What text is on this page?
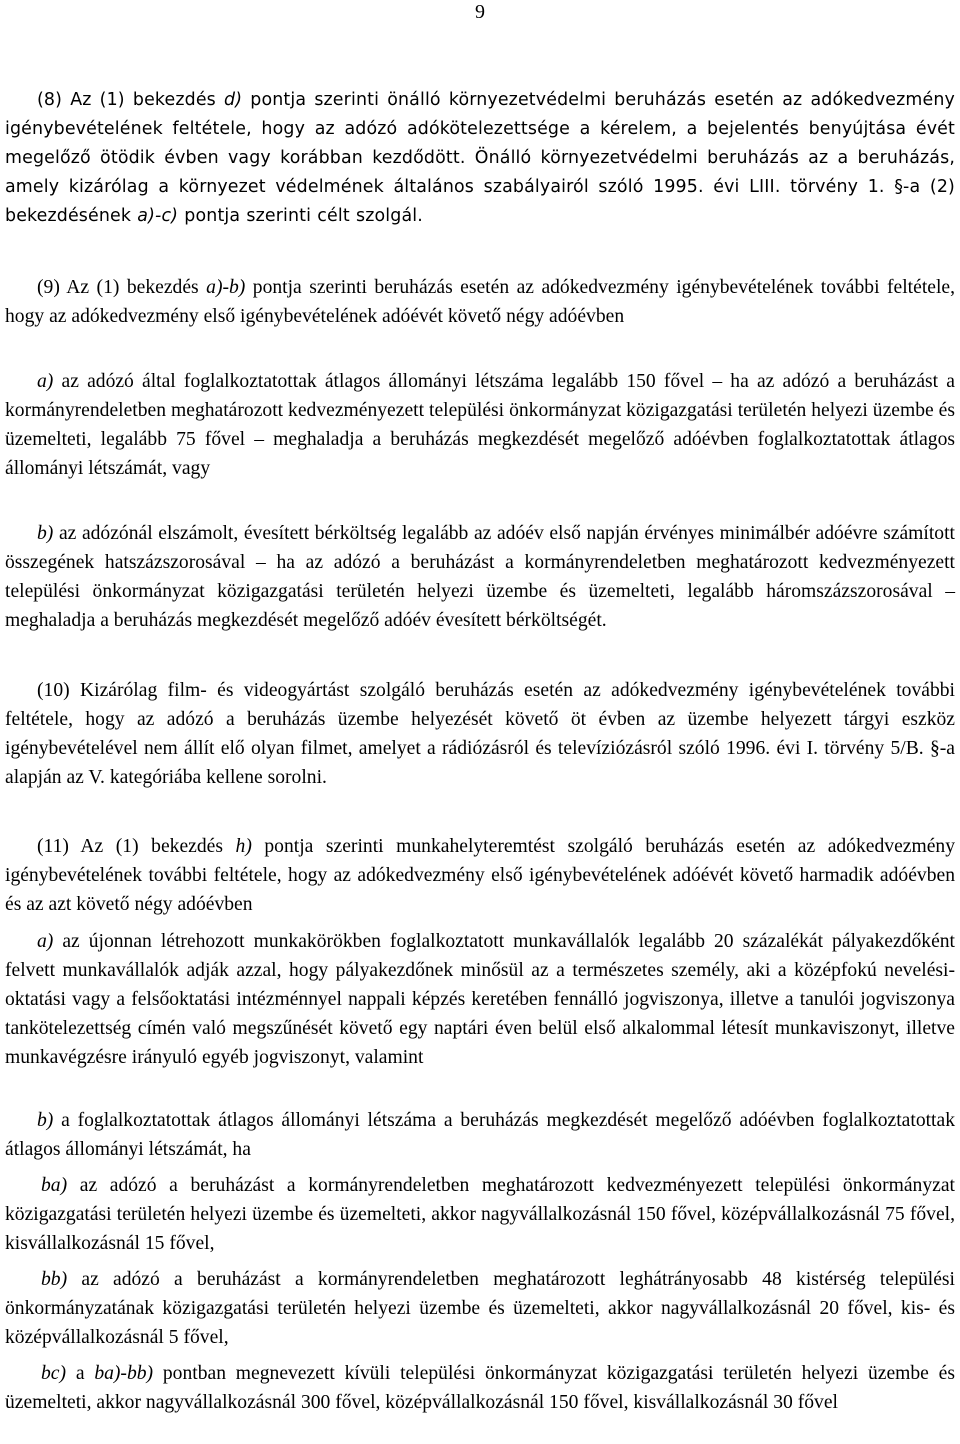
9

(8) Az (1) bekezdés d) pontja szerinti önálló környezetvédelmi beruházás esetén az adókedvezmény igénybevételének feltétele, hogy az adózó adókötelezettsége a kérelem, a bejelentés benyújtása évét megelőző ötödik évben vagy korábban kezdődött. Önálló környezetvédelmi beruházás az a beruházás, amely kizárólag a környezet védelmének általános szabályairól szóló 1995. évi LIII. törvény 1. §-a (2) bekezdésének a)-c) pontja szerinti célt szolgál.

(9) Az (1) bekezdés a)-b) pontja szerinti beruházás esetén az adókedvezmény igénybevételének további feltétele, hogy az adókedvezmény első igénybevételének adóévét követő négy adóévben

a) az adózó által foglalkoztatottak átlagos állományi létszáma legalább 150 fővel – ha az adózó a beruházást a kormányrendeletben meghatározott kedvezményezett települési önkormányzat közigazgatási területén helyezi üzembe és üzemelteti, legalább 75 fővel – meghaladja a beruházás megkezdését megelőző adóévben foglalkoztatottak átlagos állományi létszámát, vagy

b) az adózónál elszámolt, évesített bérköltség legalább az adóév első napján érvényes minimálbér adóévre számított összegének hatszázszorosával – ha az adózó a beruházást a kormányrendeletben meghatározott kedvezményezett települési önkormányzat közigazgatási területén helyezi üzembe és üzemelteti, legalább háromszázszorosával – meghaladja a beruházás megkezdését megelőző adóév évesített bérköltségét.

(10) Kizárólag film- és videogyártást szolgáló beruházás esetén az adókedvezmény igénybevételének további feltétele, hogy az adózó a beruházás üzembe helyezését követő öt évben az üzembe helyezett tárgyi eszköz igénybevételével nem állít elő olyan filmet, amelyet a rádiózásról és televíziózásról szóló 1996. évi I. törvény 5/B. §-a alapján az V. kategóriába kellene sorolni.

(11) Az (1) bekezdés h) pontja szerinti munkahelyteremtést szolgáló beruházás esetén az adókedvezmény igénybevételének további feltétele, hogy az adókedvezmény első igénybevételének adóévét követő harmadik adóévben és az azt követő négy adóévben

a) az újonnan létrehozott munkakörökben foglalkoztatott munkavállalók legalább 20 százalékát pályakezdőként felvett munkavállalók adják azzal, hogy pályakezdőnek minősül az a természetes személy, aki a középfokú nevelési-oktatási vagy a felsőoktatási intézménnyel nappali képzés keretében fennálló jogviszonya, illetve a tanulói jogviszonya tankötelezettség címén való megszűnését követő egy naptári éven belül első alkalommal létesít munkaviszonyt, illetve munkavégzésre irányuló egyéb jogviszonyt, valamint

b) a foglalkoztatottak átlagos állományi létszáma a beruházás megkezdését megelőző adóévben foglalkoztatottak átlagos állományi létszámát, ha

ba) az adózó a beruházást a kormányrendeletben meghatározott kedvezményezett települési önkormányzat közigazgatási területén helyezi üzembe és üzemelteti, akkor nagyvállalkozásnál 150 fővel, középvállalkozásnál 75 fővel, kisvállalkozásnál 15 fővel,

bb) az adózó a beruházást a kormányrendeletben meghatározott leghátrányosabb 48 kistérség települési önkormányzatának közigazgatási területén helyezi üzembe és üzemelteti, akkor nagyvállalkozásnál 20 fővel, kis- és középvállalkozásnál 5 fővel,

bc) a ba)-bb) pontban megnevezett kívüli települési önkormányzat közigazgatási területén helyezi üzembe és üzemelteti, akkor nagyvállalkozásnál 300 fővel, középvállalkozásnál 150 fővel, kisvállalkozásnál 30 fővel
